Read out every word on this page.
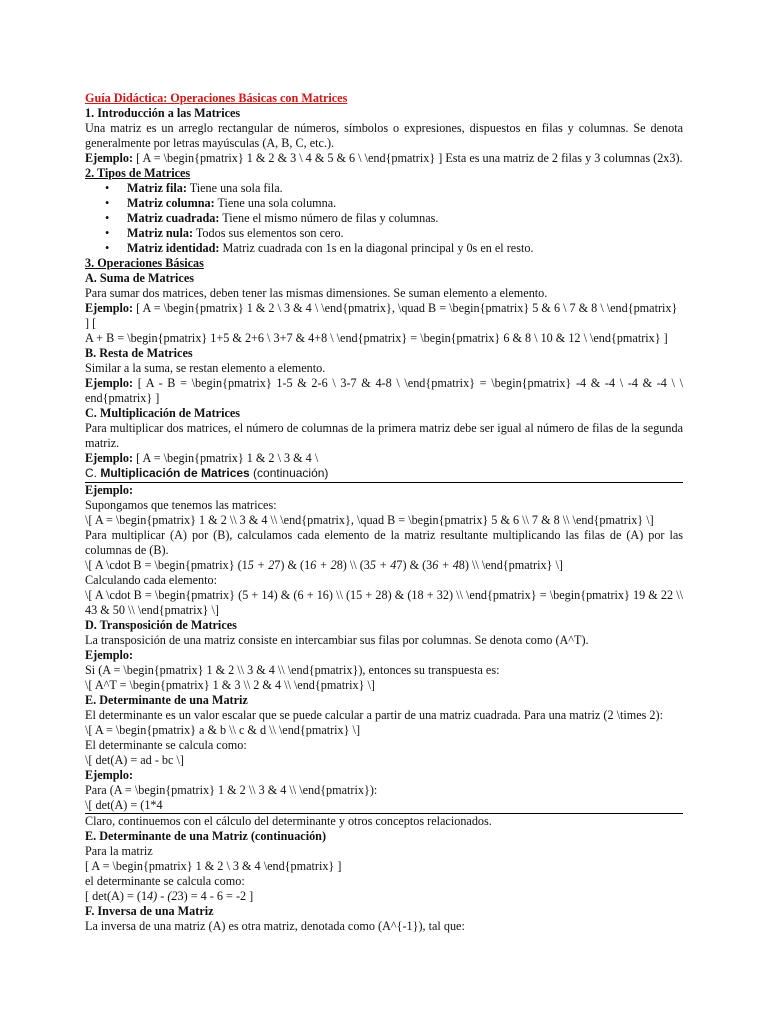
Guía Didáctica: Operaciones Básicas con Matrices
1. Introducción a las Matrices
Una matriz es un arreglo rectangular de números, símbolos o expresiones, dispuestos en filas y columnas. Se denota
generalmente por letras mayúsculas (A, B, C, etc.).
Ejemplo: [ A = \begin{pmatrix} 1 & 2 & 3 \ 4 & 5 & 6 \ \end{pmatrix} ] Esta es una matriz de 2 filas y 3 columnas (2x3).
2. Tipos de Matrices
• Matriz fila: Tiene una sola fila.
• Matriz columna: Tiene una sola columna.
• Matriz cuadrada: Tiene el mismo número de filas y columnas.
• Matriz nula: Todos sus elementos son cero.
• Matriz identidad: Matriz cuadrada con 1s en la diagonal principal y 0s en el resto.
3. Operaciones Básicas
A. Suma de Matrices
Para sumar dos matrices, deben tener las mismas dimensiones. Se suman elemento a elemento.
Ejemplo: [ A = \begin{pmatrix} 1 & 2 \ 3 & 4 \ \end{pmatrix}, \quad B = \begin{pmatrix} 5 & 6 \ 7 & 8 \ \end{pmatrix} ] [
A + B = \begin{pmatrix} 1+5 & 2+6 \ 3+7 & 4+8 \ \end{pmatrix} = \begin{pmatrix} 6 & 8 \ 10 & 12 \ \end{pmatrix} ]
B. Resta de Matrices
Similar a la suma, se restan elemento a elemento.
Ejemplo: [ A - B = \begin{pmatrix} 1-5 & 2-6 \ 3-7 & 4-8 \ \end{pmatrix} = \begin{pmatrix} -4 & -4 \ -4 & -4 \ \
end{pmatrix} ]
C. Multiplicación de Matrices
Para multiplicar dos matrices, el número de columnas de la primera matriz debe ser igual al número de filas de la segunda
matriz.
Ejemplo: [ A = \begin{pmatrix} 1 & 2 \ 3 & 4 \
C. Multiplicación de Matrices (continuación)
Ejemplo:
Supongamos que tenemos las matrices:
\[ A = \begin{pmatrix} 1 & 2 \\ 3 & 4 \\ \end{pmatrix}, \quad B = \begin{pmatrix} 5 & 6 \\ 7 & 8 \\ \end{pmatrix} \]
Para multiplicar (A) por (B), calculamos cada elemento de la matriz resultante multiplicando las filas de (A) por las
columnas de (B).
\[ A \cdot B = \begin{pmatrix} (15 + 27) & (16 + 28) \\ (35 + 47) & (36 + 48) \\ \end{pmatrix} \]
Calculando cada elemento:
\[ A \cdot B = \begin{pmatrix} (5 + 14) & (6 + 16) \\ (15 + 28) & (18 + 32) \\ \end{pmatrix} = \begin{pmatrix} 19 & 22 \\
43 & 50 \\ \end{pmatrix} \]
D. Transposición de Matrices
La transposición de una matriz consiste en intercambiar sus filas por columnas. Se denota como (A^T).
Ejemplo:
Si (A = \begin{pmatrix} 1 & 2 \\ 3 & 4 \\ \end{pmatrix}), entonces su transpuesta es:
\[ A^T = \begin{pmatrix} 1 & 3 \\ 2 & 4 \\ \end{pmatrix} \]
E. Determinante de una Matriz
El determinante es un valor escalar que se puede calcular a partir de una matriz cuadrada. Para una matriz (2 \times 2):
\[ A = \begin{pmatrix} a & b \\ c & d \\ \end{pmatrix} \]
El determinante se calcula como:
\[ det(A) = ad - bc \]
Ejemplo:
Para (A = \begin{pmatrix} 1 & 2 \\ 3 & 4 \\ \end{pmatrix}):
\[ det(A) = (1*4
Claro, continuemos con el cálculo del determinante y otros conceptos relacionados.
E. Determinante de una Matriz (continuación)
Para la matriz
[ A = \begin{pmatrix} 1 & 2 \ 3 & 4 \end{pmatrix} ]
el determinante se calcula como:
[ det(A) = (14) - (23) = 4 - 6 = -2 ]
F. Inversa de una Matriz
La inversa de una matriz (A) es otra matriz, denotada como (A^{-1}), tal que:
